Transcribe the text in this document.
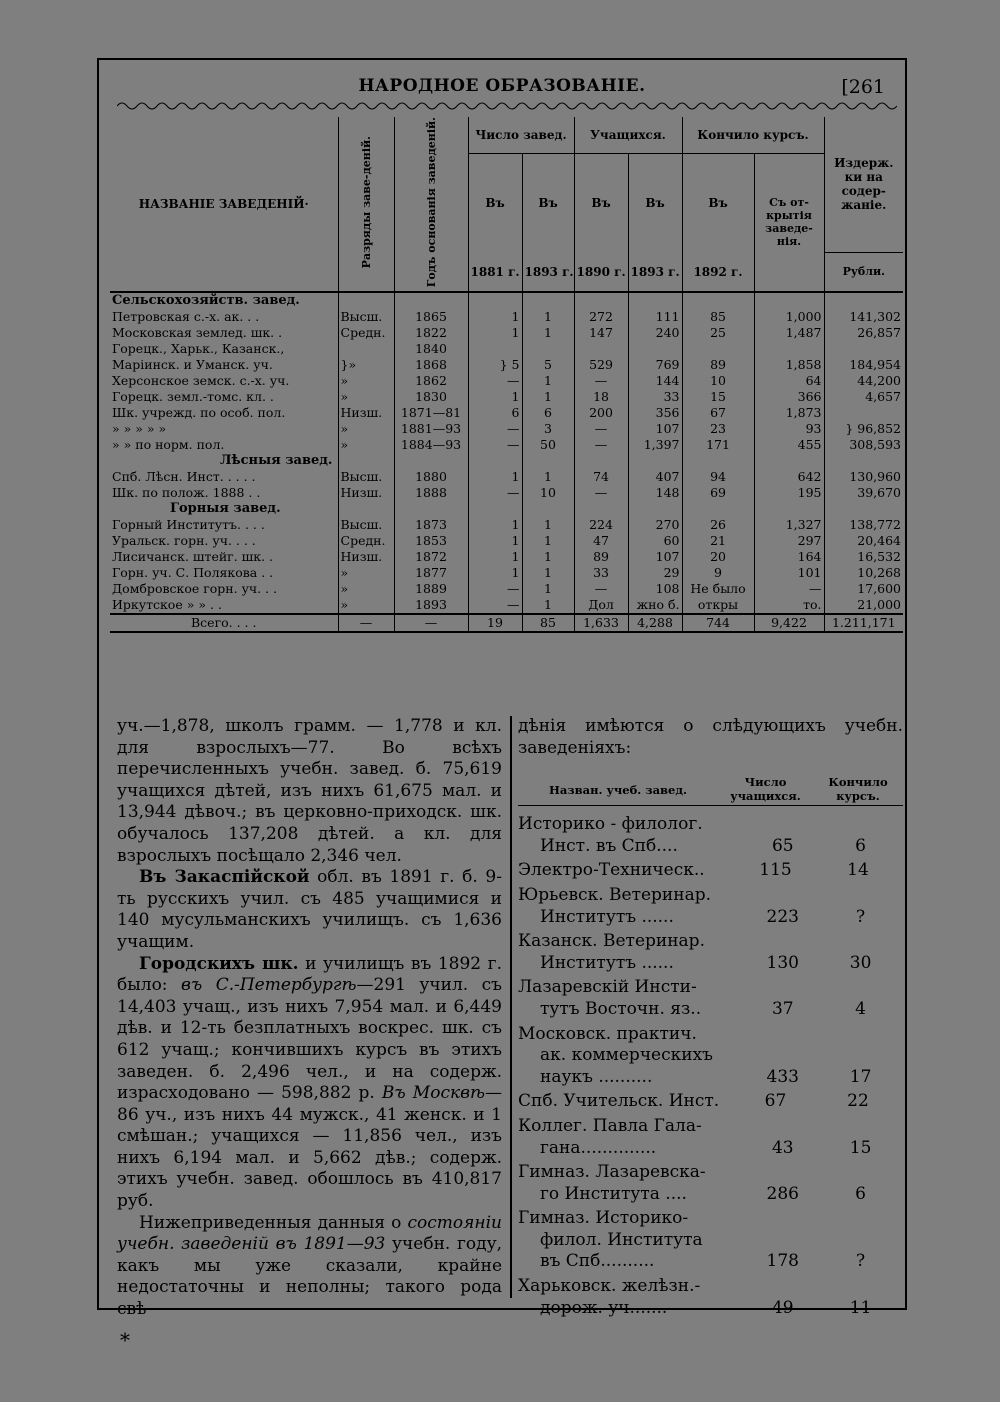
НАРОДНОЕ ОБРАЗОВАНІЕ.	[261
НАЗВАНІЕ ЗАВЕДЕНІЙ·	Разряды заве-деній.	Годъ основанія заведеній.	Число завед.		Учащихся.		Кончило курсъ.		Издерж. ки на содер-жаніе.
			Въ	Въ	Въ	Въ	Въ	Съ от-крытія заведе-нія.	
			1881 г.	1893 г.	1890 г.	1893 г.	1892 г.		Рубли.
Сельскохозяйств. завед.									
Петровская с.-х. ак. . .	Высш.	1865	1	1	272	111	85	1,000	141,302
Московская землед. шк. .	Средн.	1822	1	1	147	240	25	1,487	26,857
Горецк., Харьк., Казанск.,		1840							
Маріинск. и Уманск. уч.	}»	1868	} 5	5	529	769	89	1,858	184,954
Херсонское земск. с.-х. уч.	»	1862	—	1	—	144	10	64	44,200
Горецк. земл.-томс. кл. .	»	1830	1	1	18	33	15	366	4,657
Шк. учрежд. по особ. пол.	Низш.	1871—81	6	6	200	356	67	1,873	
» » » » »	»	1881—93	—	3	—	107	23	93	} 96,852
» » по норм. пол.	»	1884—93	—	50	—	1,397	171	455	308,593
Лѣсныя завед.									
Спб. Лѣсн. Инст. . . . .	Высш.	1880	1	1	74	407	94	642	130,960
Шк. по полож. 1888 . .	Низш.	1888	—	10	—	148	69	195	39,670
Горныя завед.									
Горный Институтъ. . . .	Высш.	1873	1	1	224	270	26	1,327	138,772
Уральск. горн. уч. . . .	Средн.	1853	1	1	47	60	21	297	20,464
Лисичанск. штейг. шк. .	Низш.	1872	1	1	89	107	20	164	16,532
Горн. уч. С. Полякова . .	»	1877	1	1	33	29	9	101	10,268
Домбровское горн. уч. . .	»	1889	—	1	—	108	Не было	—	17,600
Иркутское » » . .	»	1893	—	1	Дол	жно б.	откры	то.	21,000
Всего. . . .	—	—	19	85	1,633	4,288	744	9,422	1.211,171

уч.—1,878, школъ грамм. — 1,778 и кл. для взрослыхъ—77. Во всѣхъ перечисленныхъ учебн. завед. б. 75,619 учащихся дѣтей, изъ нихъ 61,675 мал. и 13,944 дѣвоч.; въ церковно-приходск. шк. обучалось 137,208 дѣтей. а кл. для взрослыхъ посѣщало 2,346 чел.

Въ Закаспійской обл. въ 1891 г. б. 9-ть русскихъ учил. съ 485 учащимися и 140 мусульманскихъ училищъ. съ 1,636 учащим.

Городскихъ шк. и училищъ въ 1892 г. было: въ С.-Петербургѣ—291 учил. съ 14,403 учащ., изъ нихъ 7,954 мал. и 6,449 дѣв. и 12-ть безплатныхъ воскрес. шк. съ 612 учащ.; кончившихъ курсъ въ этихъ заведен. б. 2,496 чел., и на содерж. израсходовано — 598,882 р. Въ Москвѣ—86 уч., изъ нихъ 44 мужск., 41 женск. и 1 смѣшан.; учащихся — 11,856 чел., изъ нихъ 6,194 мал. и 5,662 дѣв.; содерж. этихъ учебн. завед. обошлось въ 410,817 руб.

Нижеприведенныя данныя о состояніи учебн. заведеній въ 1891—93 учебн. году, какъ мы уже сказали, крайне недостаточны и неполны; такого рода свѣ-

дѣнія имѣются о слѣдующихъ учебн. заведеніяхъ:

Назван. учеб. завед.
Число учащихся.
Кончило курсъ.
Историко - филолог.
Инст. въ Спб....	65	6
Электро-Техническ..	115	14
Юрьевск. Ветеринар.
Институтъ ......	223	?
Казанск. Ветеринар.
Институтъ ......	130	30
Лазаревскій Инсти-
тутъ Восточн. яз..	37	4
Московск. практич.
ак. коммерческихъ
наукъ ..........	433	17
Спб. Учительск. Инст.	67	22
Коллег. Павла Гала-
гана..............	43	15
Гимназ. Лазаревска-
го Института ....	286	6
Гимназ. Историко-
филол. Института
въ Спб..........	178	?
Харьковск. желѣзн.-
дорож. уч.......	49	11
*
